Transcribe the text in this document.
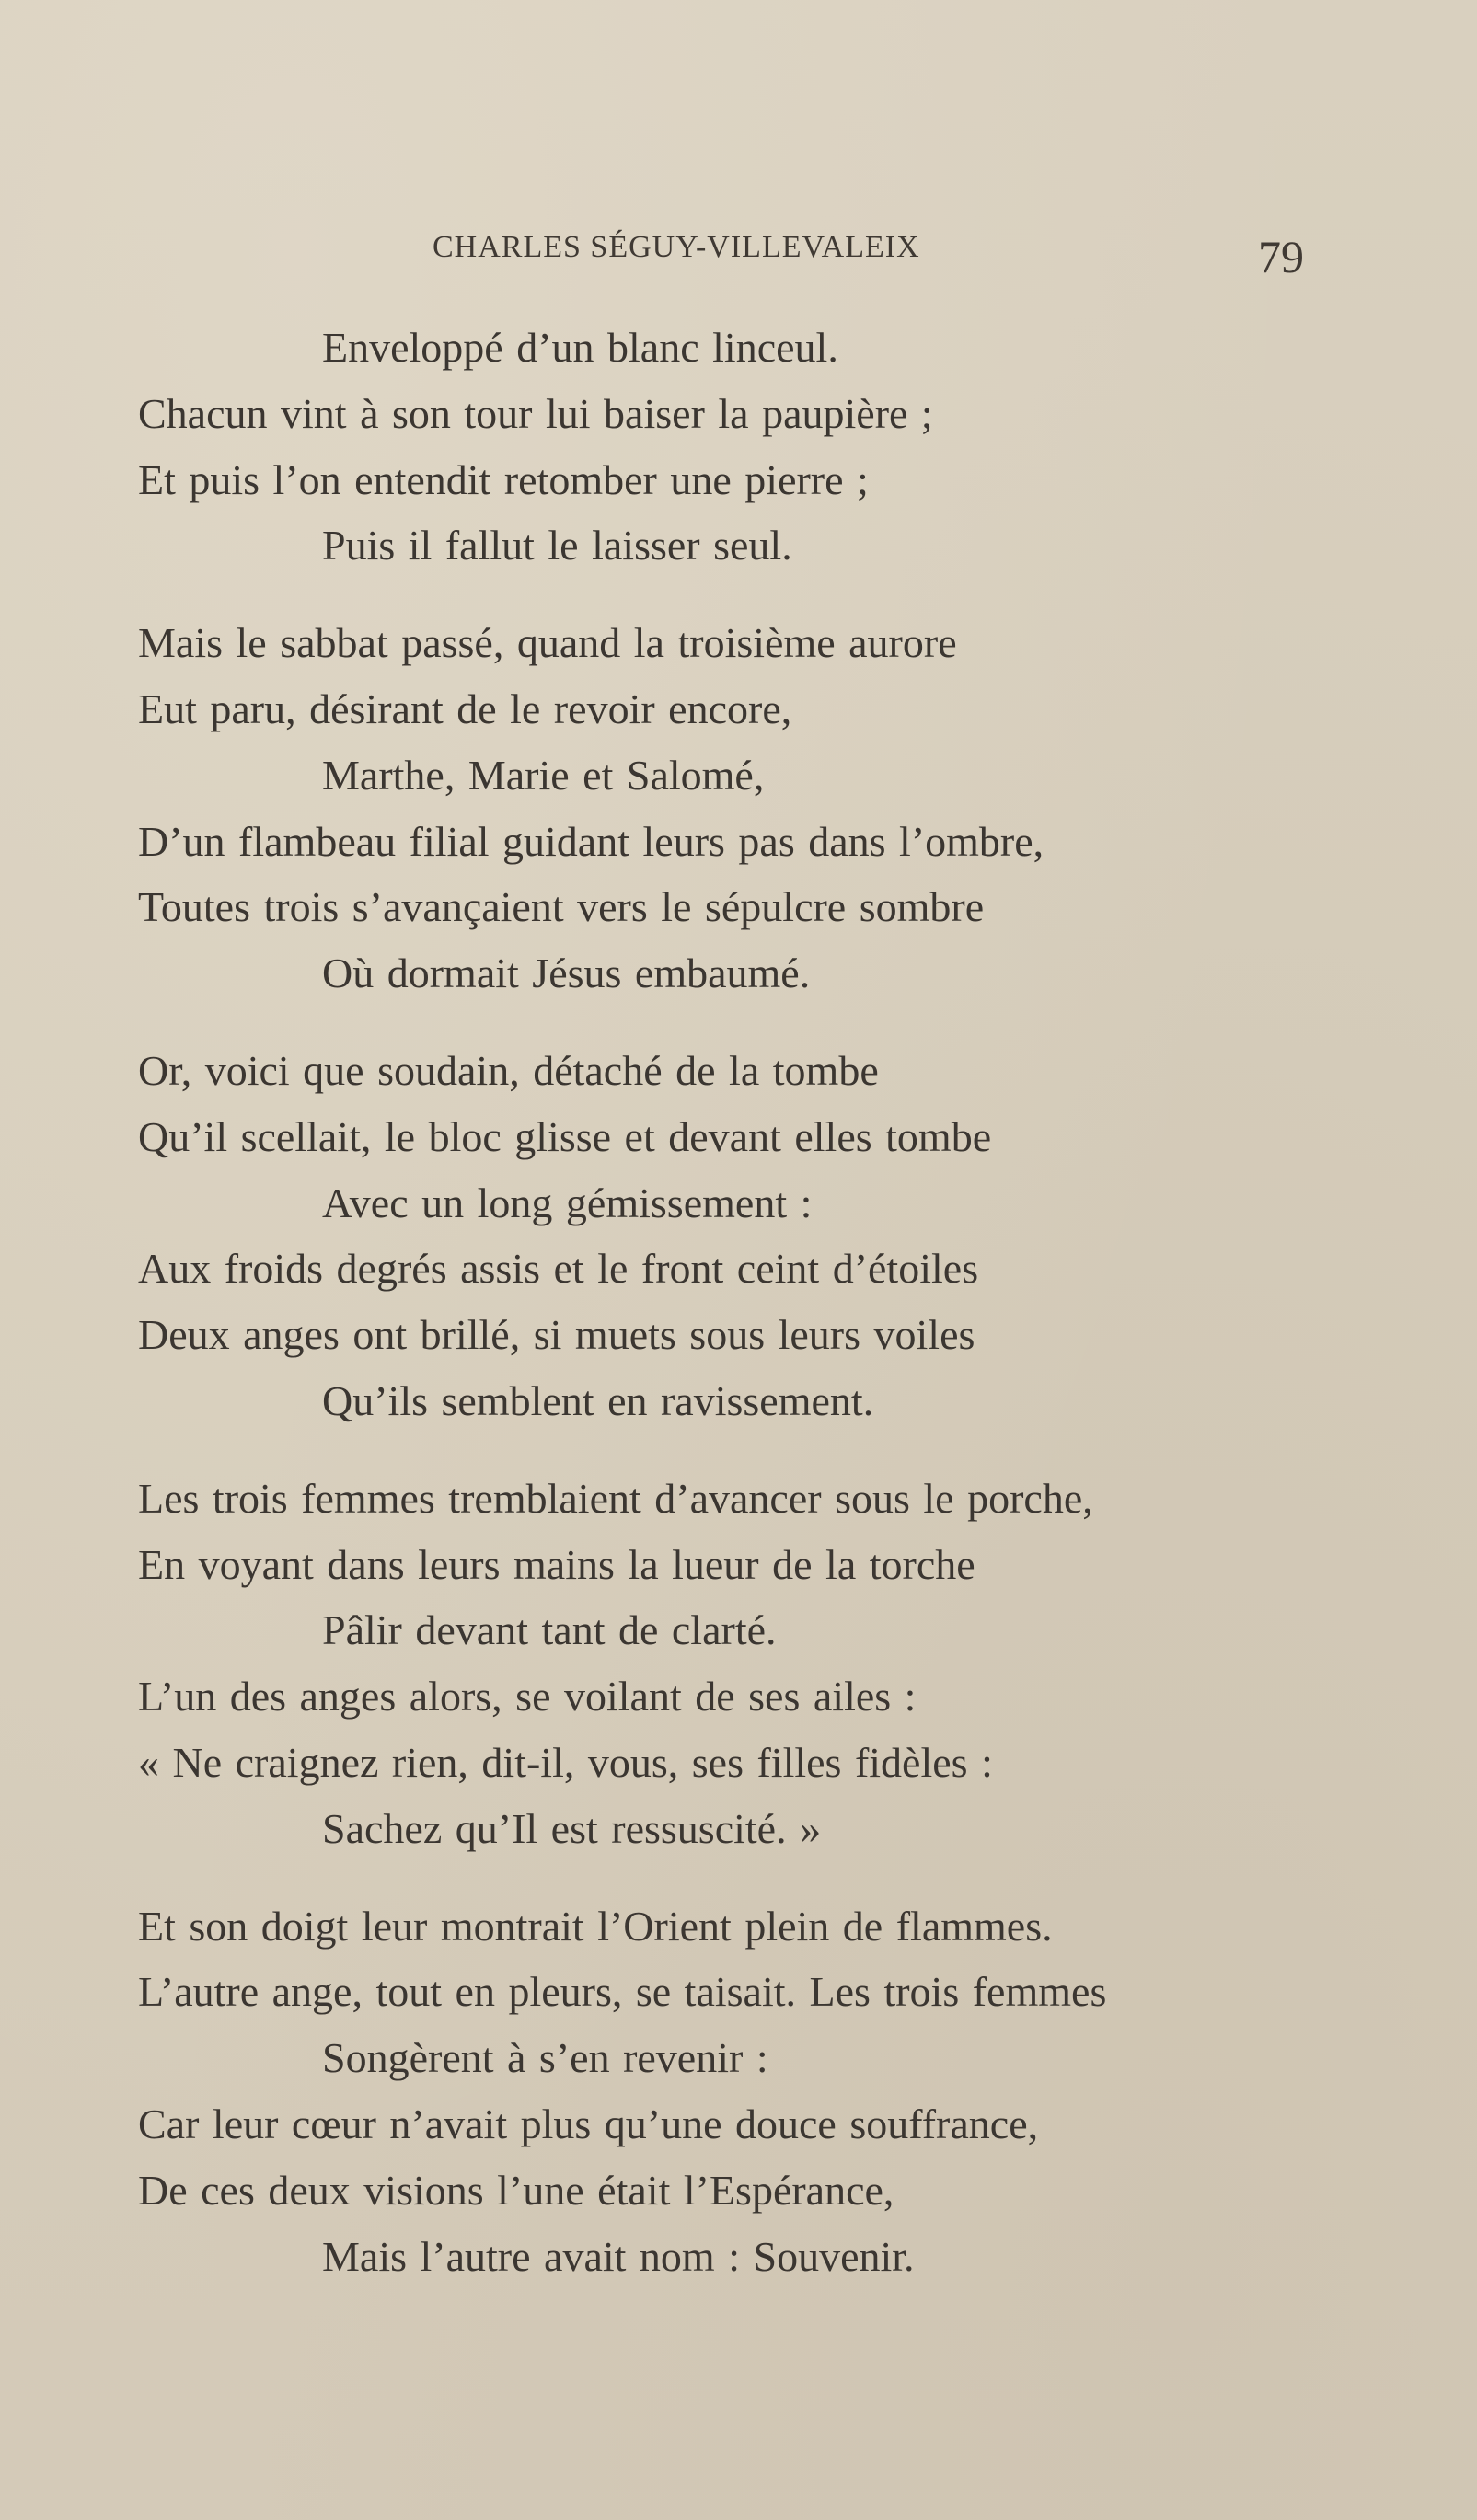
CHARLES SÉGUY-VILLEVALEIX	79
Enveloppé d’un blanc linceul.
Chacun vint à son tour lui baiser la paupière ;
Et puis l’on entendit retomber une pierre ;
Puis il fallut le laisser seul.
Mais le sabbat passé, quand la troisième aurore
Eut paru, désirant de le revoir encore,
Marthe, Marie et Salomé,
D’un flambeau filial guidant leurs pas dans l’ombre,
Toutes trois s’avançaient vers le sépulcre sombre
Où dormait Jésus embaumé.
Or, voici que soudain, détaché de la tombe
Qu’il scellait, le bloc glisse et devant elles tombe
Avec un long gémissement :
Aux froids degrés assis et le front ceint d’étoiles
Deux anges ont brillé, si muets sous leurs voiles
Qu’ils semblent en ravissement.
Les trois femmes tremblaient d’avancer sous le porche,
En voyant dans leurs mains la lueur de la torche
Pâlir devant tant de clarté.
L’un des anges alors, se voilant de ses ailes :
« Ne craignez rien, dit-il, vous, ses filles fidèles :
Sachez qu’Il est ressuscité. »
Et son doigt leur montrait l’Orient plein de flammes.
L’autre ange, tout en pleurs, se taisait. Les trois femmes
Songèrent à s’en revenir :
Car leur cœur n’avait plus qu’une douce souffrance,
De ces deux visions l’une était l’Espérance,
Mais l’autre avait nom : Souvenir.
